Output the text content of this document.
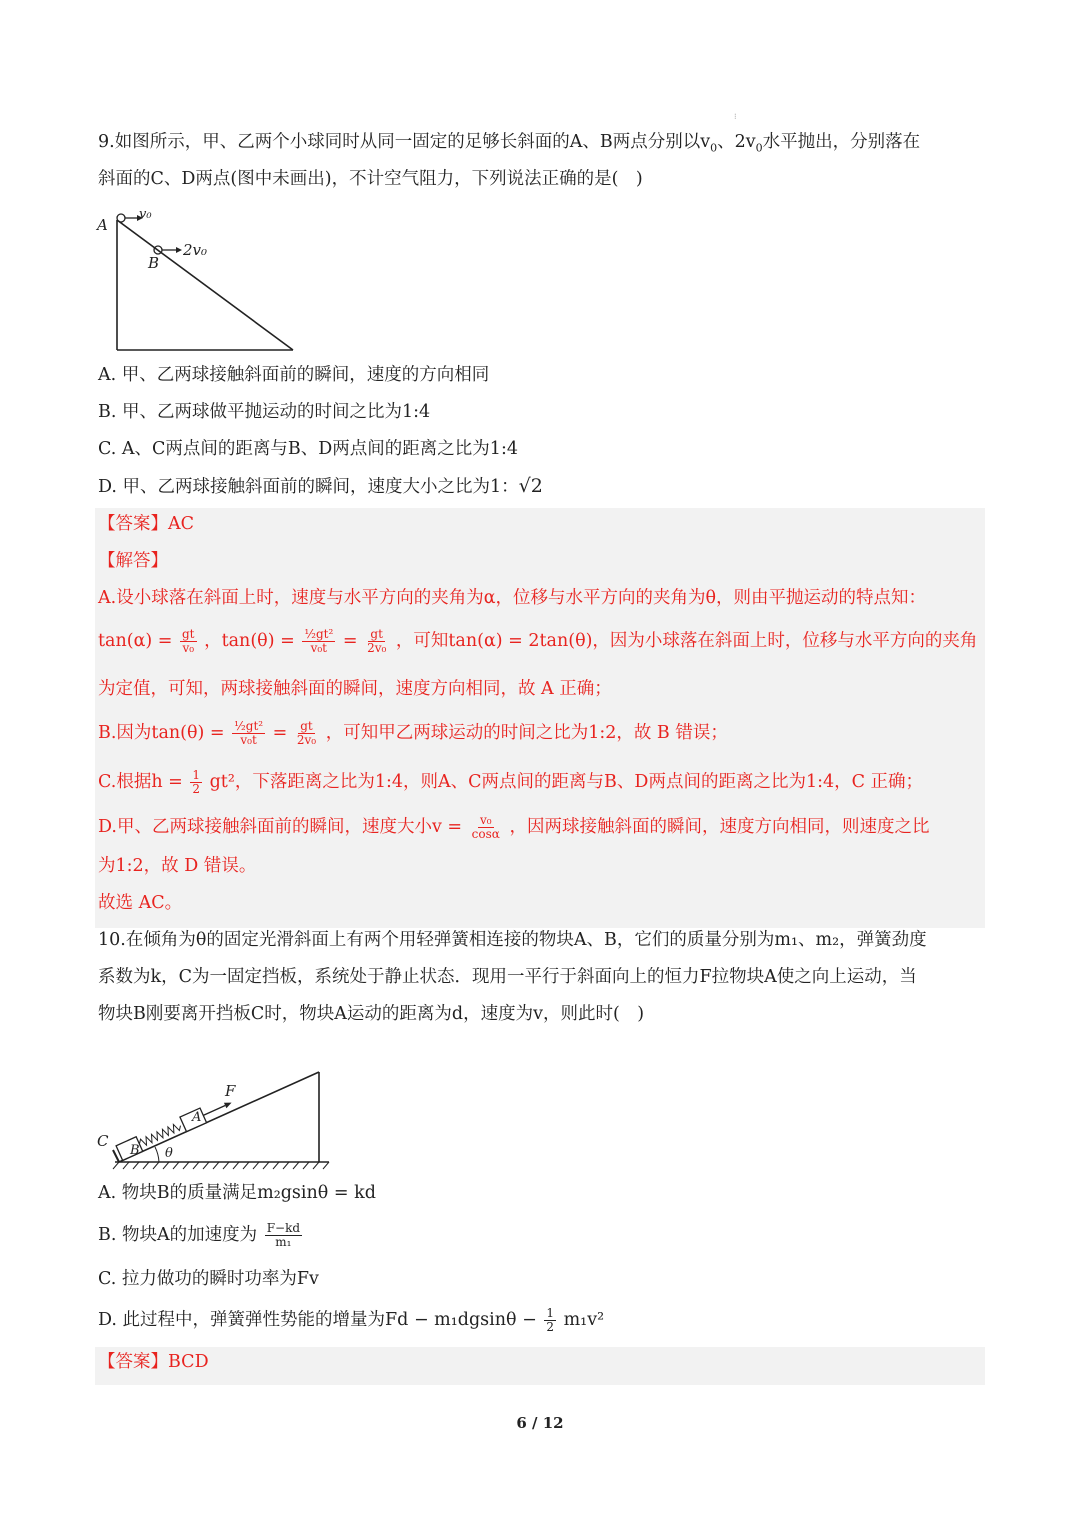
⁝
9.如图所示，甲、乙两个小球同时从同一固定的足够长斜面的A、B两点分别以$v_0$、$2v_0$水平抛出，分别落在
斜面的C、D两点(图中未画出)，不计空气阻力，下列说法正确的是(　)
A
v₀
B
2v₀
A. 甲、乙两球接触斜面前的瞬间，速度的方向相同
B. 甲、乙两球做平抛运动的时间之比为1:4
C. A、C两点间的距离与B、D两点间的距离之比为1:4
D. 甲、乙两球接触斜面前的瞬间，速度大小之比为1：√2
【答案】AC
【解答】
A.设小球落在斜面上时，速度与水平方向的夹角为α，位移与水平方向的夹角为θ，则由平抛运动的特点知：
$\tan(\alpha) = \frac{gt}{\text{v₀}}$ ，$\tan(\theta) = \frac{\text{½gt²}}{\text{v₀t}} = \frac{gt}{\text{2v₀}}$ ，可知tan(α) = 2tan(θ)，因为小球落在斜面上时，位移与水平方向的夹角
为定值，可知，两球接触斜面的瞬间，速度方向相同，故 A 正确；
B.因为$\tan(\theta) = \frac{\text{½gt²}}{\text{v₀t}} = \frac{gt}{\text{2v₀}}$ ，可知甲乙两球运动的时间之比为1:2，故 B 错误；
C.根据$h = \frac{1}{2} gt^2$，下落距离之比为1:4，则A、C两点间的距离与B、D两点间的距离之比为1:4，C 正确；
D.甲、乙两球接触斜面前的瞬间，速度大小$v = \frac{\text{v₀}}{\cos\alpha}$ ，因两球接触斜面的瞬间，速度方向相同，则速度之比
为1:2，故 D 错误。
故选 AC。
10.在倾角为θ的固定光滑斜面上有两个用轻弹簧相连接的物块A、B，它们的质量分别为m₁、m₂，弹簧劲度
系数为k，C为一固定挡板，系统处于静止状态．现用一平行于斜面向上的恒力F拉物块A使之向上运动，当
物块B刚要离开挡板C时，物块A运动的距离为d，速度为v，则此时(　)
C
B
A
F
θ
A. 物块B的质量满足m₂gsinθ = kd
B. 物块A的加速度为 $\frac{F-kd}{\text{m₁}}$
C. 拉力做功的瞬时功率为Fv
D. 此过程中，弹簧弹性势能的增量为$Fd - m_1dgsin\theta - \frac{1}{2} m_1v^2$
【答案】BCD
6 / 12
